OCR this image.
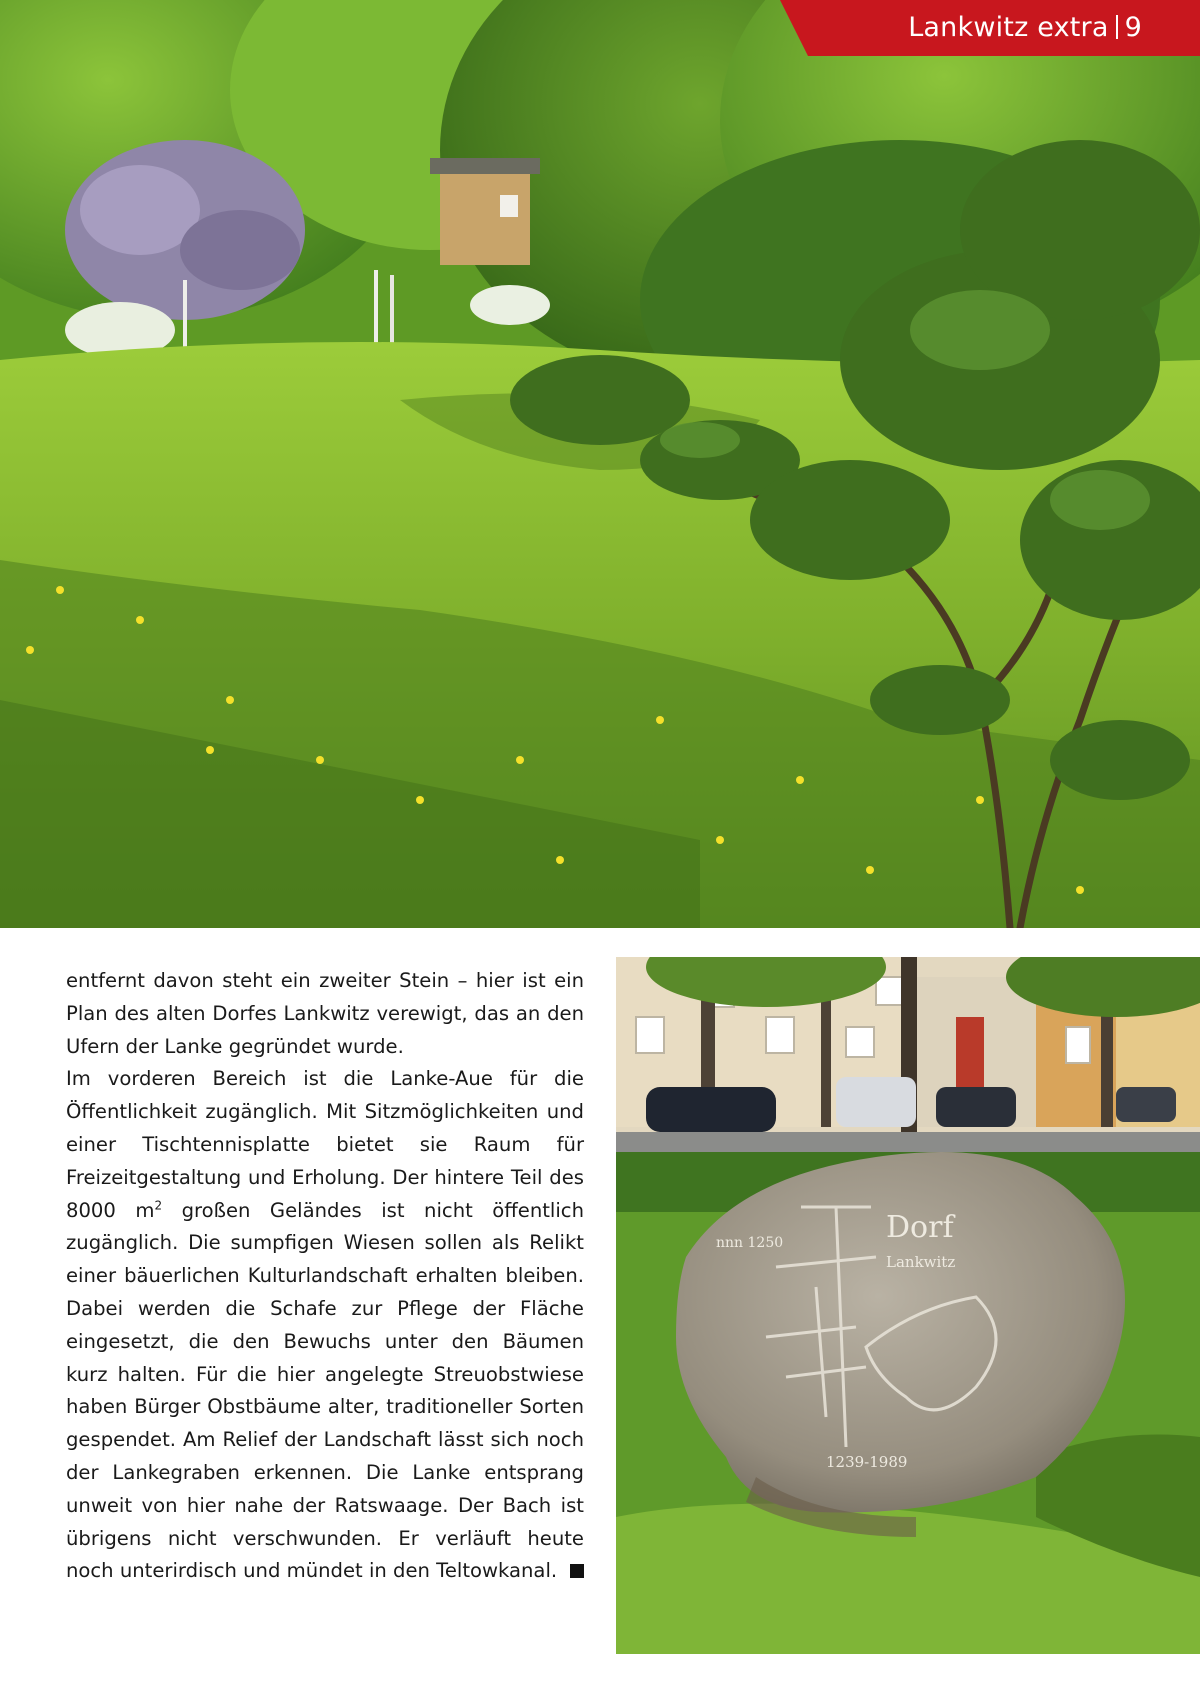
Lankwitz extra 9

entfernt davon steht ein zweiter Stein – hier ist ein Plan des alten Dorfes Lankwitz verewigt, das an den Ufern der Lanke gegründet wurde.

Im vorderen Bereich ist die Lanke-Aue für die Öffentlichkeit zugänglich. Mit Sitzmöglichkeiten und einer Tischtennisplatte bietet sie Raum für Freizeitgestaltung und Erholung. Der hintere Teil des 8000 $m^2$ großen Geländes ist nicht öffentlich zugänglich. Die sumpfigen Wiesen sollen als Relikt einer bäuerlichen Kulturlandschaft erhalten bleiben. Dabei werden die Schafe zur Pflege der Fläche eingesetzt, die den Bewuchs unter den Bäumen kurz halten. Für die hier angelegte Streuobstwiese haben Bürger Obstbäume alter, traditioneller Sorten gespendet. Am Relief der Landschaft lässt sich noch der Lankegraben erkennen. Die Lanke entsprang unweit von hier nahe der Ratswaage. Der Bach ist übrigens nicht verschwunden. Er verläuft heute noch unterirdisch und mündet in den Teltowkanal.

nnn 1250	Dorf
Lankwitz
1239-1989
